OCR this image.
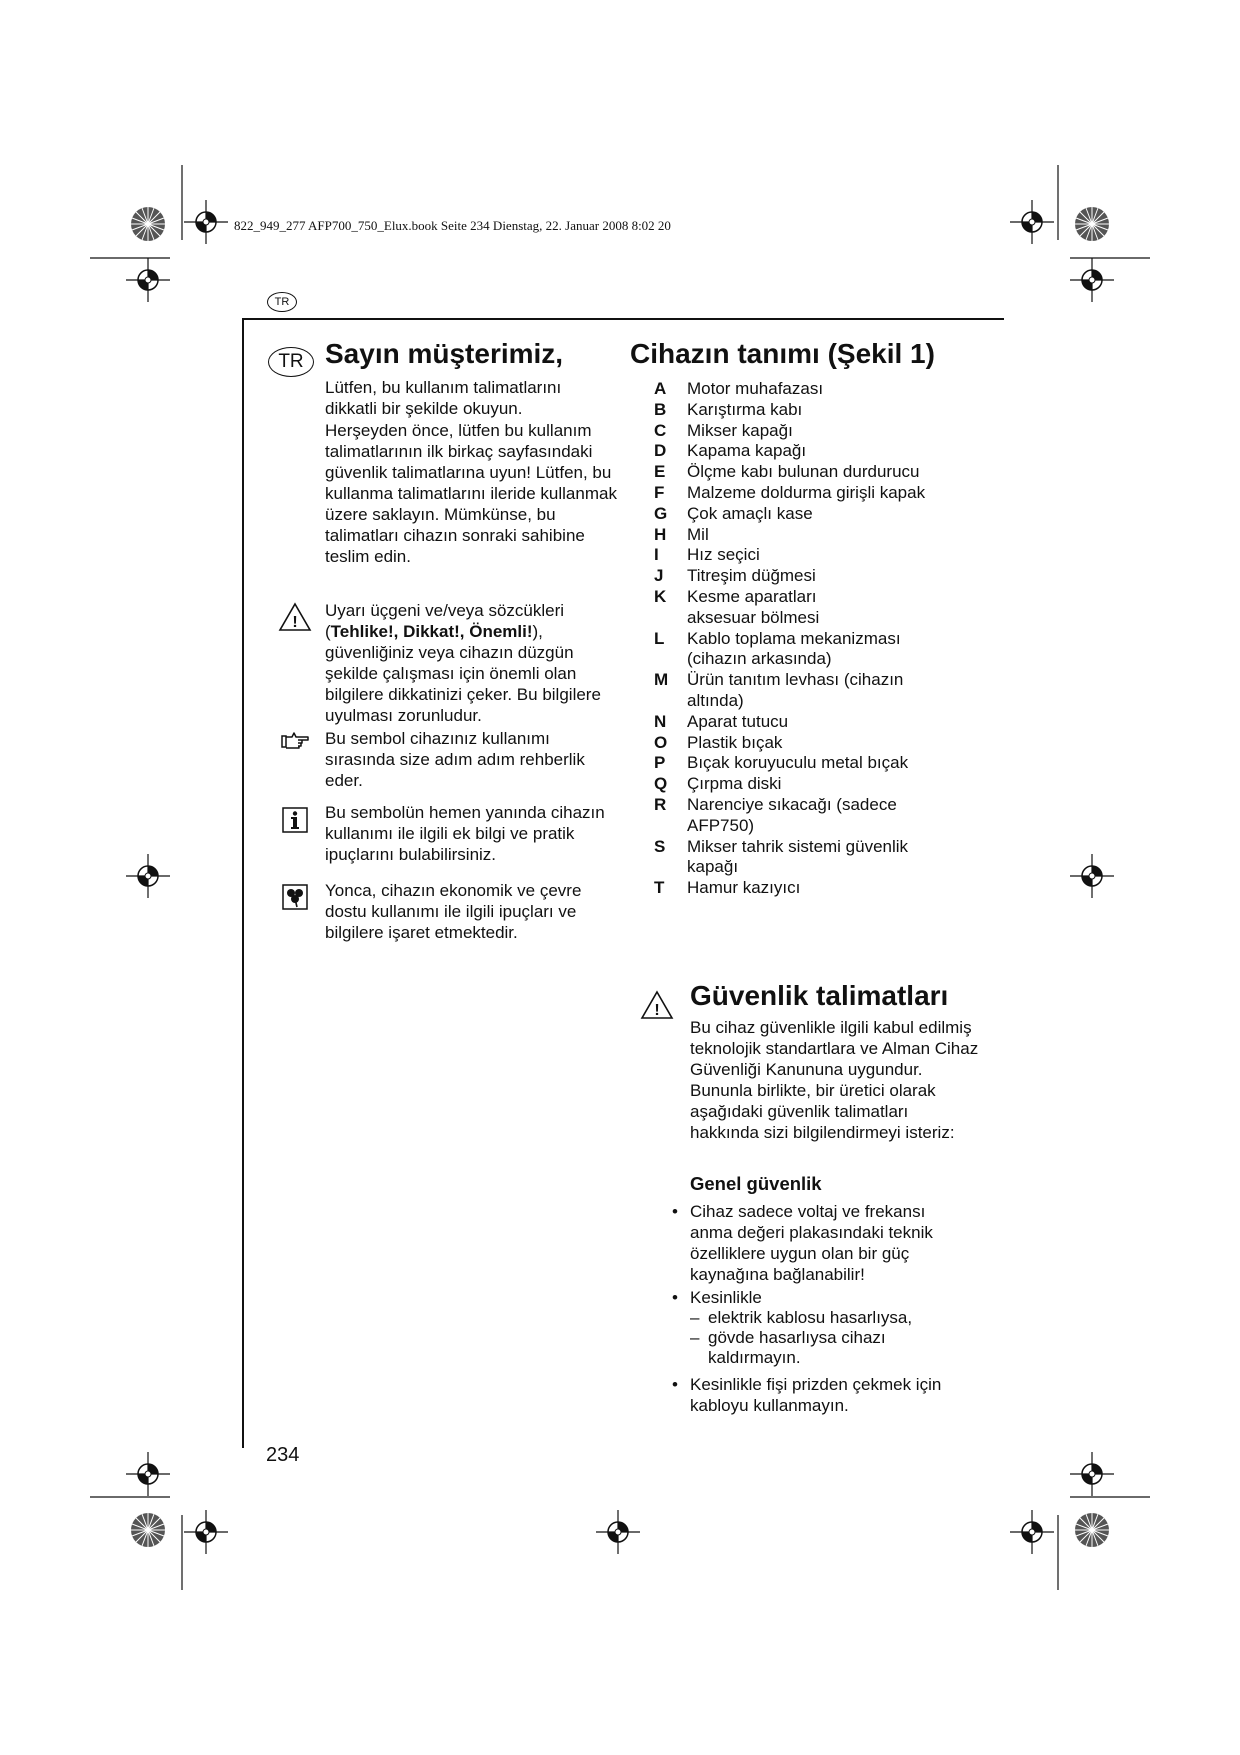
822_949_277 AFP700_750_Elux.book Seite 234 Dienstag, 22. Januar 2008 8:02 20
TR
TR Sayın müşterimiz,
Lütfen, bu kullanım talimatlarını dikkatli bir şekilde okuyun.
Herşeyden önce, lütfen bu kullanım talimatlarının ilk birkaç sayfasındaki güvenlik talimatlarına uyun! Lütfen, bu kullanma talimatlarını ileride kullanmak üzere saklayın. Mümkünse, bu talimatları cihazın sonraki sahibine teslim edin.
!
Uyarı üçgeni ve/veya sözcükleri (Tehlike!, Dikkat!, Önemli!), güvenliğiniz veya cihazın düzgün şekilde çalışması için önemli olan bilgilere dikkatinizi çeker. Bu bilgilere uyulması zorunludur.
Bu sembol cihazınız kullanımı sırasında size adım adım rehberlik eder.
Bu sembolün hemen yanında cihazın kullanımı ile ilgili ek bilgi ve pratik ipuçlarını bulabilirsiniz.
Yonca, cihazın ekonomik ve çevre dostu kullanımı ile ilgili ipuçları ve bilgilere işaret etmektedir.
Cihazın tanımı (Şekil 1)
A	Motor muhafazası
B	Karıştırma kabı
C	Mikser kapağı
D	Kapama kapağı
E	Ölçme kabı bulunan durdurucu
F	Malzeme doldurma girişli kapak
G	Çok amaçlı kase
H	Mil
I	Hız seçici
J	Titreşim düğmesi
K	Kesme aparatları aksesuar bölmesi
L	Kablo toplama mekanizması (cihazın arkasında)
M	Ürün tanıtım levhası (cihazın altında)
N	Aparat tutucu
O	Plastik bıçak
P	Bıçak koruyuculu metal bıçak
Q	Çırpma diski
R	Narenciye sıkacağı (sadece AFP750)
S	Mikser tahrik sistemi güvenlik kapağı
T	Hamur kazıyıcı
! Güvenlik talimatları
Bu cihaz güvenlikle ilgili kabul edilmiş teknolojik standartlara ve Alman Cihaz Güvenliği Kanununa uygundur. Bununla birlikte, bir üretici olarak aşağıdaki güvenlik talimatları hakkında sizi bilgilendirmeyi isteriz:
Genel güvenlik
• Cihaz sadece voltaj ve frekansı anma değeri plakasındaki teknik özelliklere uygun olan bir güç kaynağına bağlanabilir!
• Kesinlikle
– elektrik kablosu hasarlıysa,
– gövde hasarlıysa cihazı kaldırmayın.
• Kesinlikle fişi prizden çekmek için kabloyu kullanmayın.
234
